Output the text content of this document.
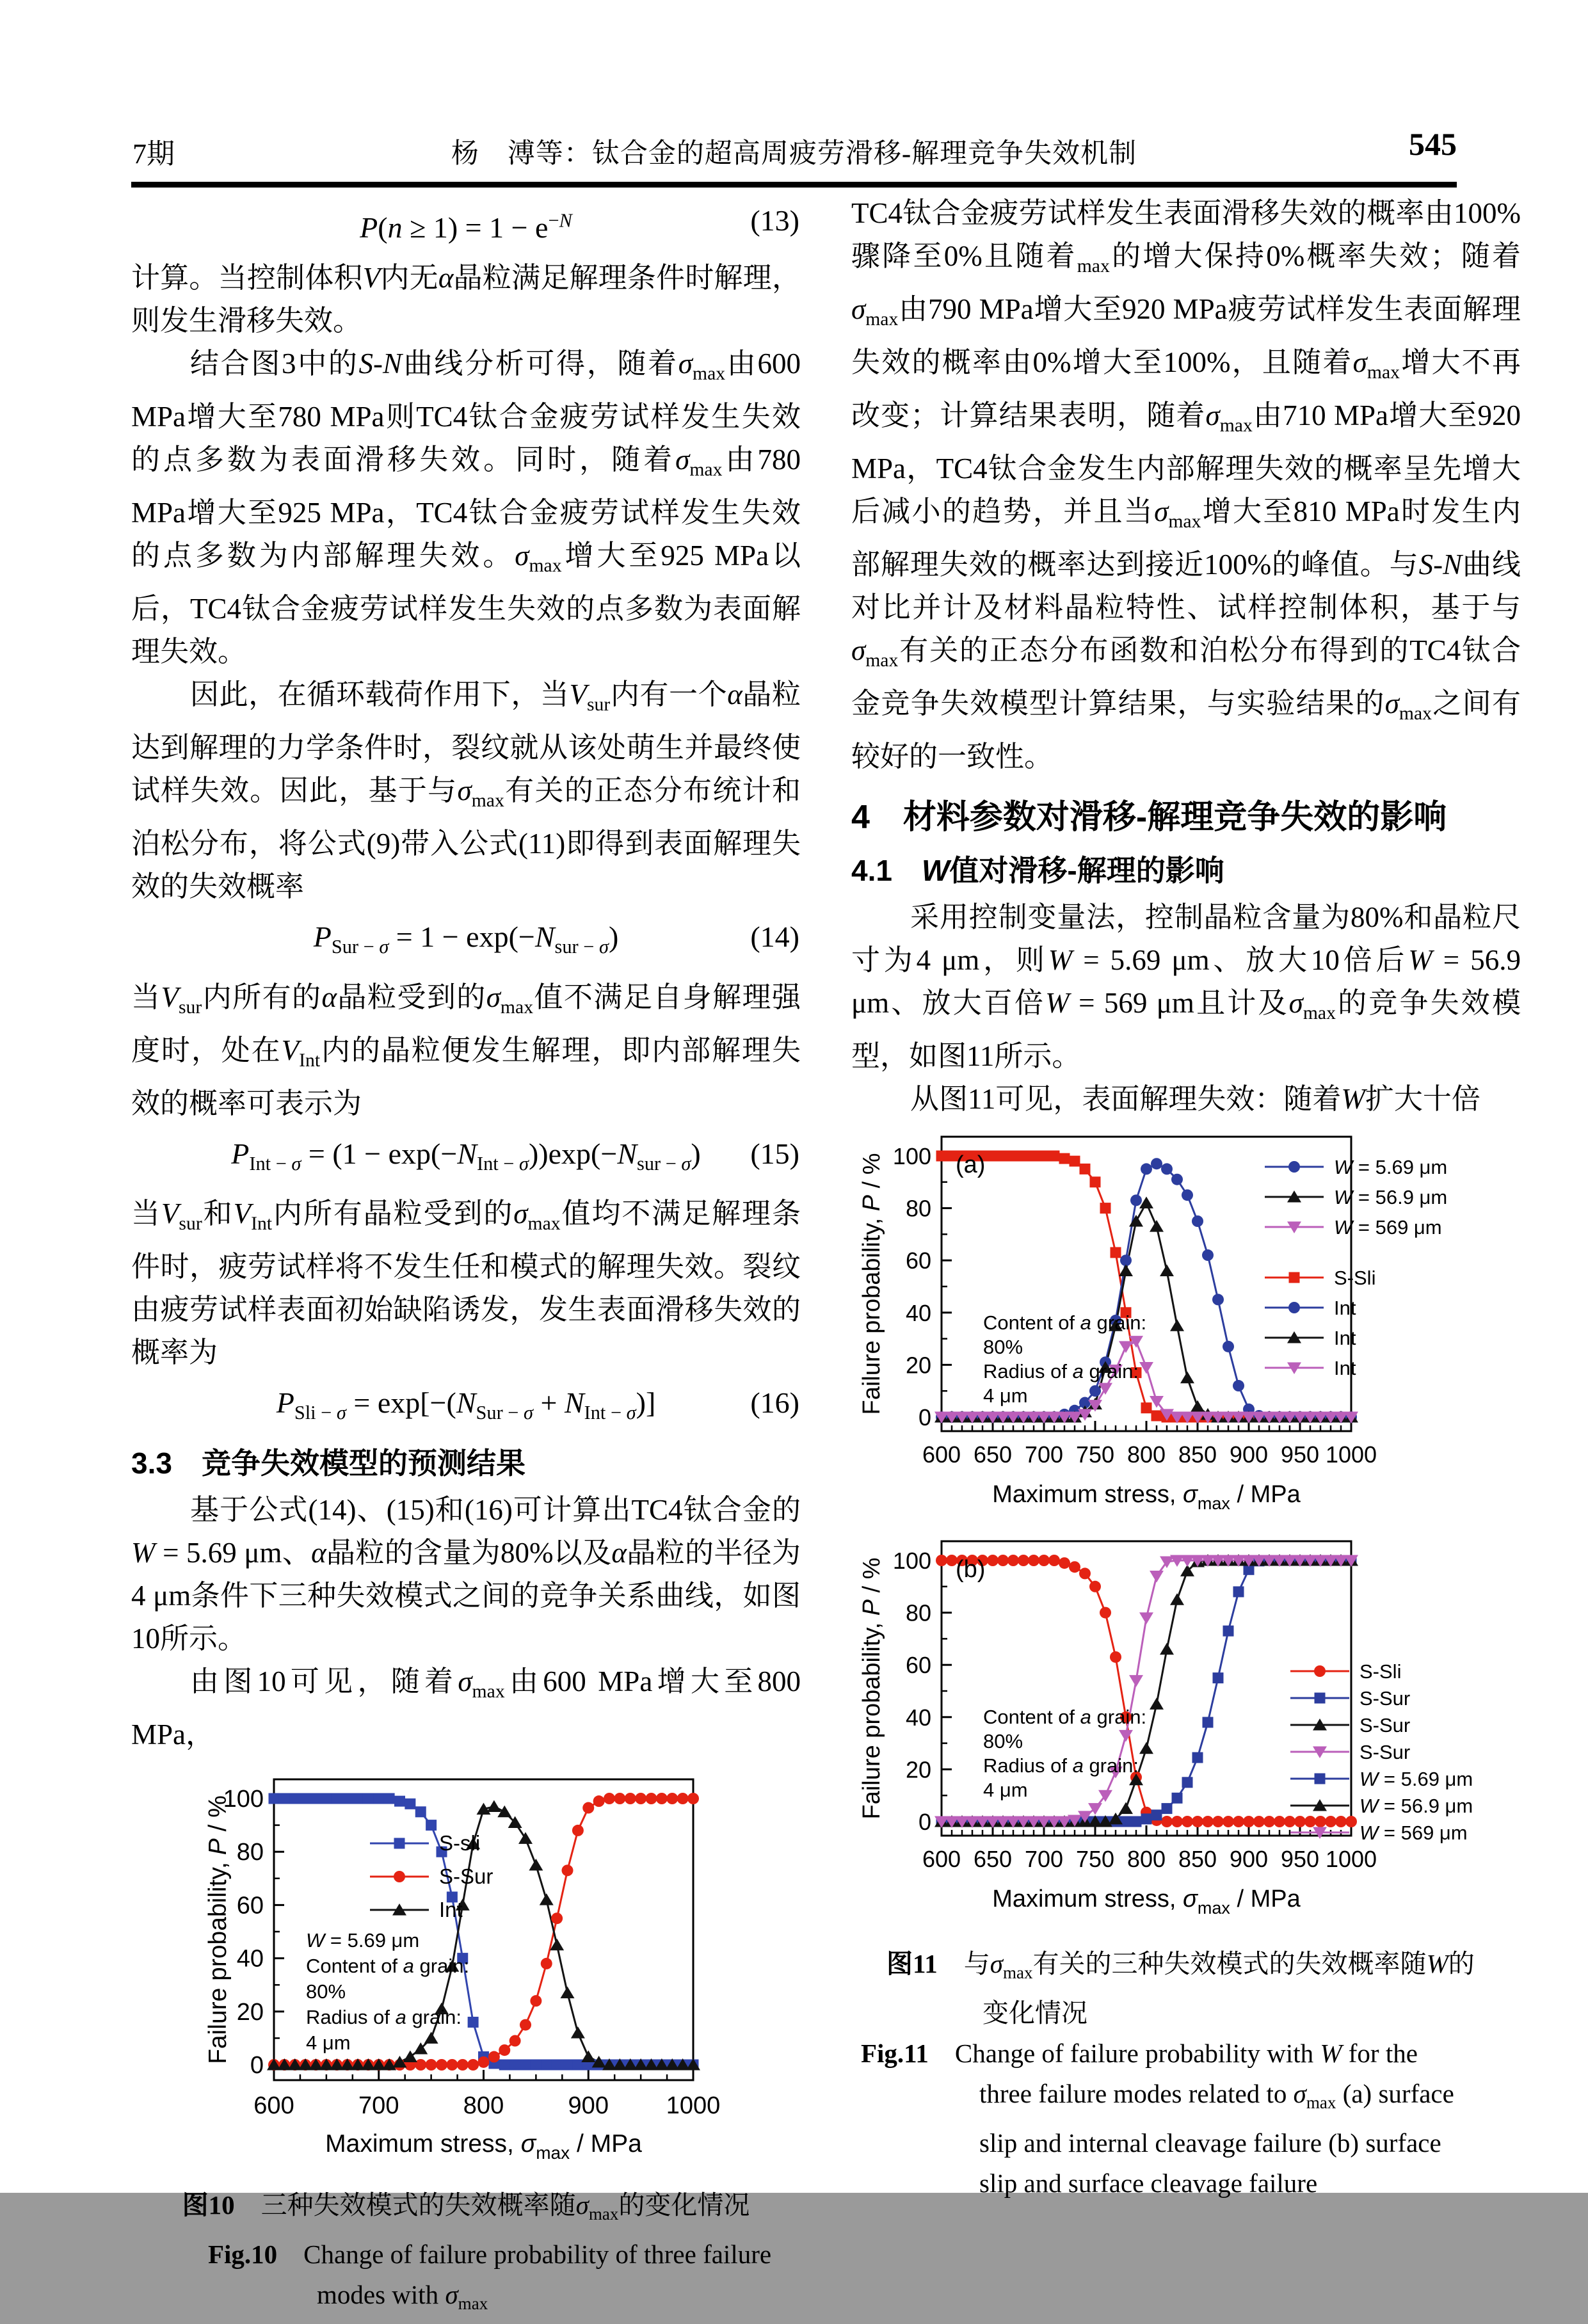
7期	杨　溥等：钛合金的超高周疲劳滑移-解理竞争失效机制	545
$P(n \ge 1) = 1 - e^{-N}$	(13)

计算。当控制体积V内无α晶粒满足解理条件时解理，则发生滑移失效。

结合图3中的S-N曲线分析可得，随着$\sigma_{max}$由600 MPa增大至780 MPa则TC4钛合金疲劳试样发生失效的点多数为表面滑移失效。同时，随着$\sigma_{max}$由780 MPa增大至925 MPa，TC4钛合金疲劳试样发生失效的点多数为内部解理失效。$\sigma_{max}$增大至925 MPa以后，TC4钛合金疲劳试样发生失效的点多数为表面解理失效。

因此，在循环载荷作用下，当$V_{sur}$内有一个α晶粒达到解理的力学条件时，裂纹就从该处萌生并最终使试样失效。因此，基于与$\sigma_{max}$有关的正态分布统计和泊松分布，将公式(9)带入公式(11)即得到表面解理失效的失效概率

$P_{Sur - \sigma} = 1 - \exp(-N_{sur - \sigma})$	(14)

当$V_{sur}$内所有的α晶粒受到的$\sigma_{max}$值不满足自身解理强度时，处在$V_{Int}$内的晶粒便发生解理，即内部解理失效的概率可表示为

$P_{Int - \sigma} = (1 - \exp(-N_{Int - \sigma}))\exp(-N_{sur - \sigma})$ (15)

当$V_{sur}$和$V_{Int}$内所有晶粒受到的$\sigma_{max}$值均不满足解理条件时，疲劳试样将不发生任和模式的解理失效。裂纹由疲劳试样表面初始缺陷诱发，发生表面滑移失效的概率为

$P_{Sli - \sigma} = \exp[-(N_{Sur - \sigma} + N_{Int - \sigma})]$	(16)
3.3　竞争失效模型的预测结果

基于公式(14)、(15)和(16)可计算出TC4钛合金的W = 5.69 μm、α晶粒的含量为80%以及α晶粒的半径为4 μm条件下三种失效模式之间的竞争关系曲线，如图10所示。

由图10可见，随着$\sigma_{max}$由600 MPa增大至800 MPa，

600	700	800	900 1000
0
20
40
60
80
100
Maximum stress, $\sigma_{max}$ / MPa
Failure probability, P / %
S-sli
S-Sur
Int
W = 5.69 μm
Content of a grain:
80%
Radius of a grain:
4 μm

图10　三种失效模式的失效概率随$\sigma_{max}$的变化情况

Fig.10　Change of failure probability of three failure

modes with $\sigma_{max}$

TC4钛合金疲劳试样发生表面滑移失效的概率由100%骤降至0%且随着$_{max}$的增大保持0%概率失效；随着$\sigma_{max}$由790 MPa增大至920 MPa疲劳试样发生表面解理失效的概率由0%增大至100%，且随着$\sigma_{max}$增大不再改变；计算结果表明，随着$\sigma_{max}$由710 MPa增大至920 MPa，TC4钛合金发生内部解理失效的概率呈先增大后减小的趋势，并且当$\sigma_{max}$增大至810 MPa时发生内部解理失效的概率达到接近100%的峰值。与S-N曲线对比并计及材料晶粒特性、试样控制体积，基于与$\sigma_{max}$有关的正态分布函数和泊松分布得到的TC4钛合金竞争失效模型计算结果，与实验结果的$\sigma_{max}$之间有较好的一致性。

4　材料参数对滑移-解理竞争失效的影响
4.1　W值对滑移-解理的影响

采用控制变量法，控制晶粒含量为80%和晶粒尺寸为4 μm，则W = 5.69 μm、放大10倍后W = 56.9 μm、放大百倍W = 569 μm且计及$\sigma_{max}$的竞争失效模型，如图11所示。

从图11可见，表面解理失效：随着W扩大十倍

600 650 700 750 800 850 900 950 1000
0
20
40
60
80
100
Maximum stress, $\sigma_{max}$ / MPa
Failure probability, P / %	W = 5.69 μm
W = 56.9 μm
W = 569 μm
S-Sli
Int
Int
Int
Content of a grain:
80%
Radius of a grain:
4 μm
(a)
600 650 700 750 800 850 900 950 1000
0
20
40
60
80
100
Maximum stress, $\sigma_{max}$ / MPa
Failure probability, P / %
S-Sli
S-Sur
S-Sur
S-Sur
W = 5.69 μm
W = 56.9 μm
W = 569 μm
Content of a grain:
80%
Radius of a grain:
4 μm
(b)

图11　与$\sigma_{max}$有关的三种失效模式的失效概率随W的

变化情况

Fig.11　Change of failure probability with W for the

three failure modes related to $\sigma_{max}$ (a) surface

slip and internal cleavage failure (b) surface

slip and surface cleavage failure
